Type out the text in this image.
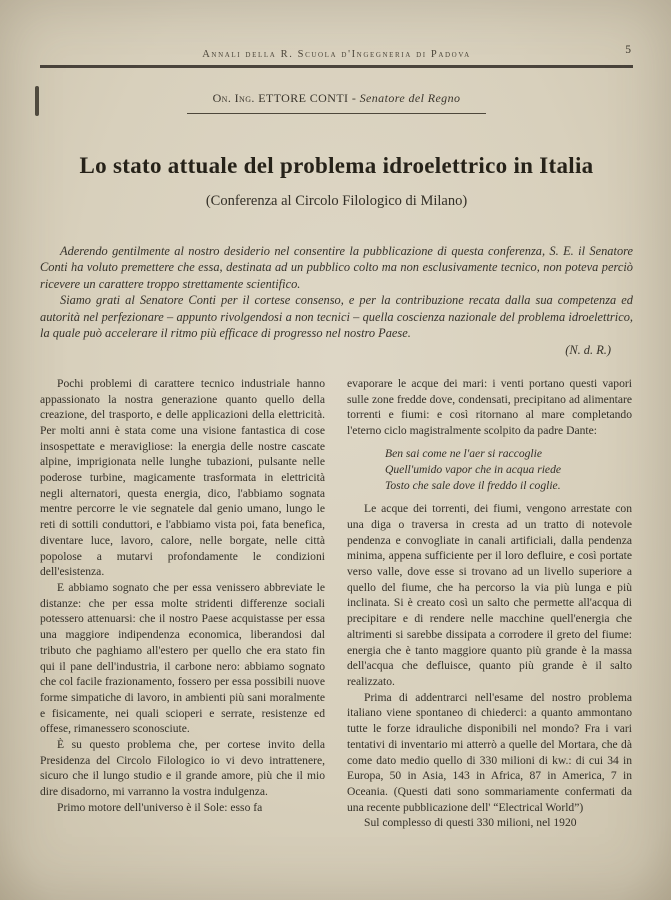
Annali della R. Scuola d'Ingegneria di Padova	5
On. Ing. ETTORE CONTI - Senatore del Regno
Lo stato attuale del problema idroelettrico in Italia
(Conferenza al Circolo Filologico di Milano)

Aderendo gentilmente al nostro desiderio nel consentire la pubblicazione di questa conferenza, S. E. il Senatore Conti ha voluto premettere che essa, destinata ad un pubblico colto ma non esclusivamente tecnico, non poteva perciò ricevere un carattere troppo strettamente scientifico.

Siamo grati al Senatore Conti per il cortese consenso, e per la contribuzione recata dalla sua competenza ed autorità nel perfezionare – appunto rivolgendosi a non tecnici – quella coscienza nazionale del problema idroelettrico, la quale può accelerare il ritmo più efficace di progresso nel nostro Paese.

(N. d. R.)

Pochi problemi di carattere tecnico industriale hanno appassionato la nostra generazione quanto quello della creazione, del trasporto, e delle applicazioni della elettricità. Per molti anni è stata come una visione fantastica di cose insospettate e meravigliose: la energia delle nostre cascate alpine, imprigionata nelle lunghe tubazioni, pulsante nelle poderose turbine, magicamente trasformata in elettricità negli alternatori, questa energia, dico, l'abbiamo sognata mentre percorre le vie segnatele dal genio umano, lungo le reti di sottili conduttori, e l'abbiamo vista poi, fata benefica, diventare luce, lavoro, calore, nelle borgate, nelle città popolose a mutarvi profondamente le condizioni dell'esistenza.

E abbiamo sognato che per essa venissero abbreviate le distanze: che per essa molte stridenti differenze sociali potessero attenuarsi: che il nostro Paese acquistasse per essa una maggiore indipendenza economica, liberandosi dal tributo che paghiamo all'estero per quello che era stato fin qui il pane dell'industria, il carbone nero: abbiamo sognato che col facile frazionamento, fossero per essa possibili nuove forme simpatiche di lavoro, in ambienti più sani moralmente e fisicamente, nei quali scioperi e serrate, resistenze ed offese, rimanessero sconosciute.

È su questo problema che, per cortese invito della Presidenza del Circolo Filologico io vi devo intrattenere, sicuro che il lungo studio e il grande amore, più che il mio dire disadorno, mi varranno la vostra indulgenza.

Primo motore dell'universo è il Sole: esso fa

evaporare le acque dei mari: i venti portano questi vapori sulle zone fredde dove, condensati, precipitano ad alimentare torrenti e fiumi: e così ritornano al mare completando l'eterno ciclo magistralmente scolpito da padre Dante:

Ben sai come ne l'aer si raccoglie
Quell'umido vapor che in acqua riede
Tosto che sale dove il freddo il coglie.

Le acque dei torrenti, dei fiumi, vengono arrestate con una diga o traversa in cresta ad un tratto di notevole pendenza e convogliate in canali artificiali, dalla pendenza minima, appena sufficiente per il loro defluire, e così portate verso valle, dove esse si trovano ad un livello superiore a quello del fiume, che ha percorso la via più lunga e più inclinata. Si è creato così un salto che permette all'acqua di precipitare e di rendere nelle macchine quell'energia che altrimenti si sarebbe dissipata a corrodere il greto del fiume: energia che è tanto maggiore quanto più grande è la massa dell'acqua che defluisce, quanto più grande è il salto realizzato.

Prima di addentrarci nell'esame del nostro problema italiano viene spontaneo di chiederci: a quanto ammontano tutte le forze idrauliche disponibili nel mondo? Fra i vari tentativi di inventario mi atterrò a quelle del Mortara, che dà come dato medio quello di 330 milioni di kw.: di cui 34 in Europa, 50 in Asia, 143 in Africa, 87 in America, 7 in Oceania. (Questi dati sono sommariamente confermati da una recente pubblicazione dell' “Electrical World”)

Sul complesso di questi 330 milioni, nel 1920
